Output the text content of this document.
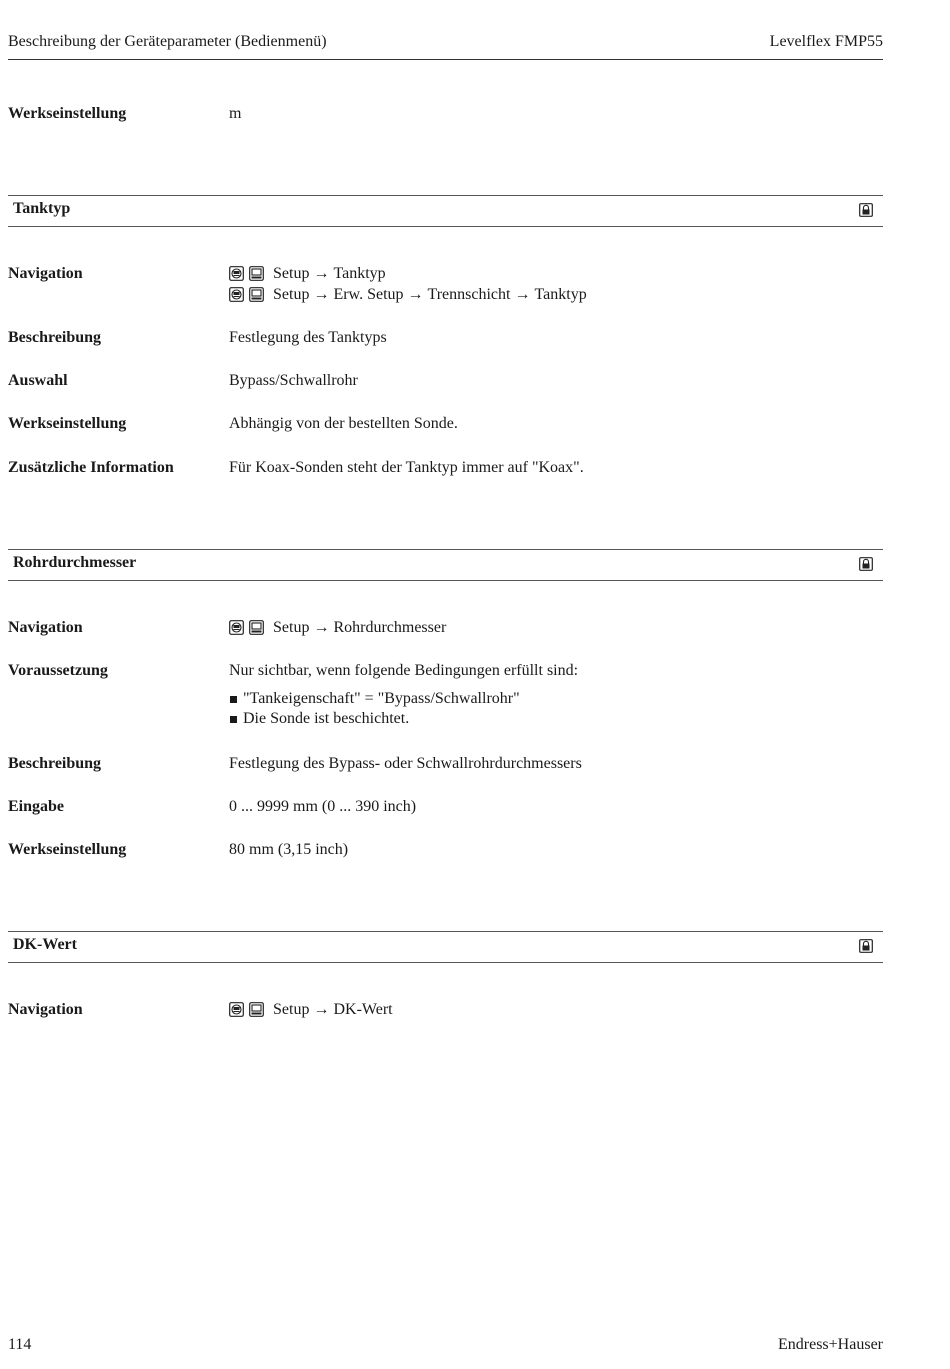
Beschreibung der Geräteparameter (Bedienmenü)	Levelflex FMP55
Werkseinstellung	m
Tanktyp
Navigation	Setup → Tanktyp
Setup → Erw. Setup → Trennschicht → Tanktyp
Beschreibung	Festlegung des Tanktyps
Auswahl	Bypass/Schwallrohr
Werkseinstellung	Abhängig von der bestellten Sonde.
Zusätzliche Information	Für Koax-Sonden steht der Tanktyp immer auf "Koax".
Rohrdurchmesser
Navigation	Setup → Rohrdurchmesser
Voraussetzung	Nur sichtbar, wenn folgende Bedingungen erfüllt sind:
"Tankeigenschaft" = "Bypass/Schwallrohr"
Die Sonde ist beschichtet.
Beschreibung	Festlegung des Bypass- oder Schwallrohrdurchmessers
Eingabe	0 ... 9999 mm (0 ... 390 inch)
Werkseinstellung	80 mm (3,15 inch)
DK-Wert
Navigation	Setup → DK-Wert
114	Endress+Hauser
